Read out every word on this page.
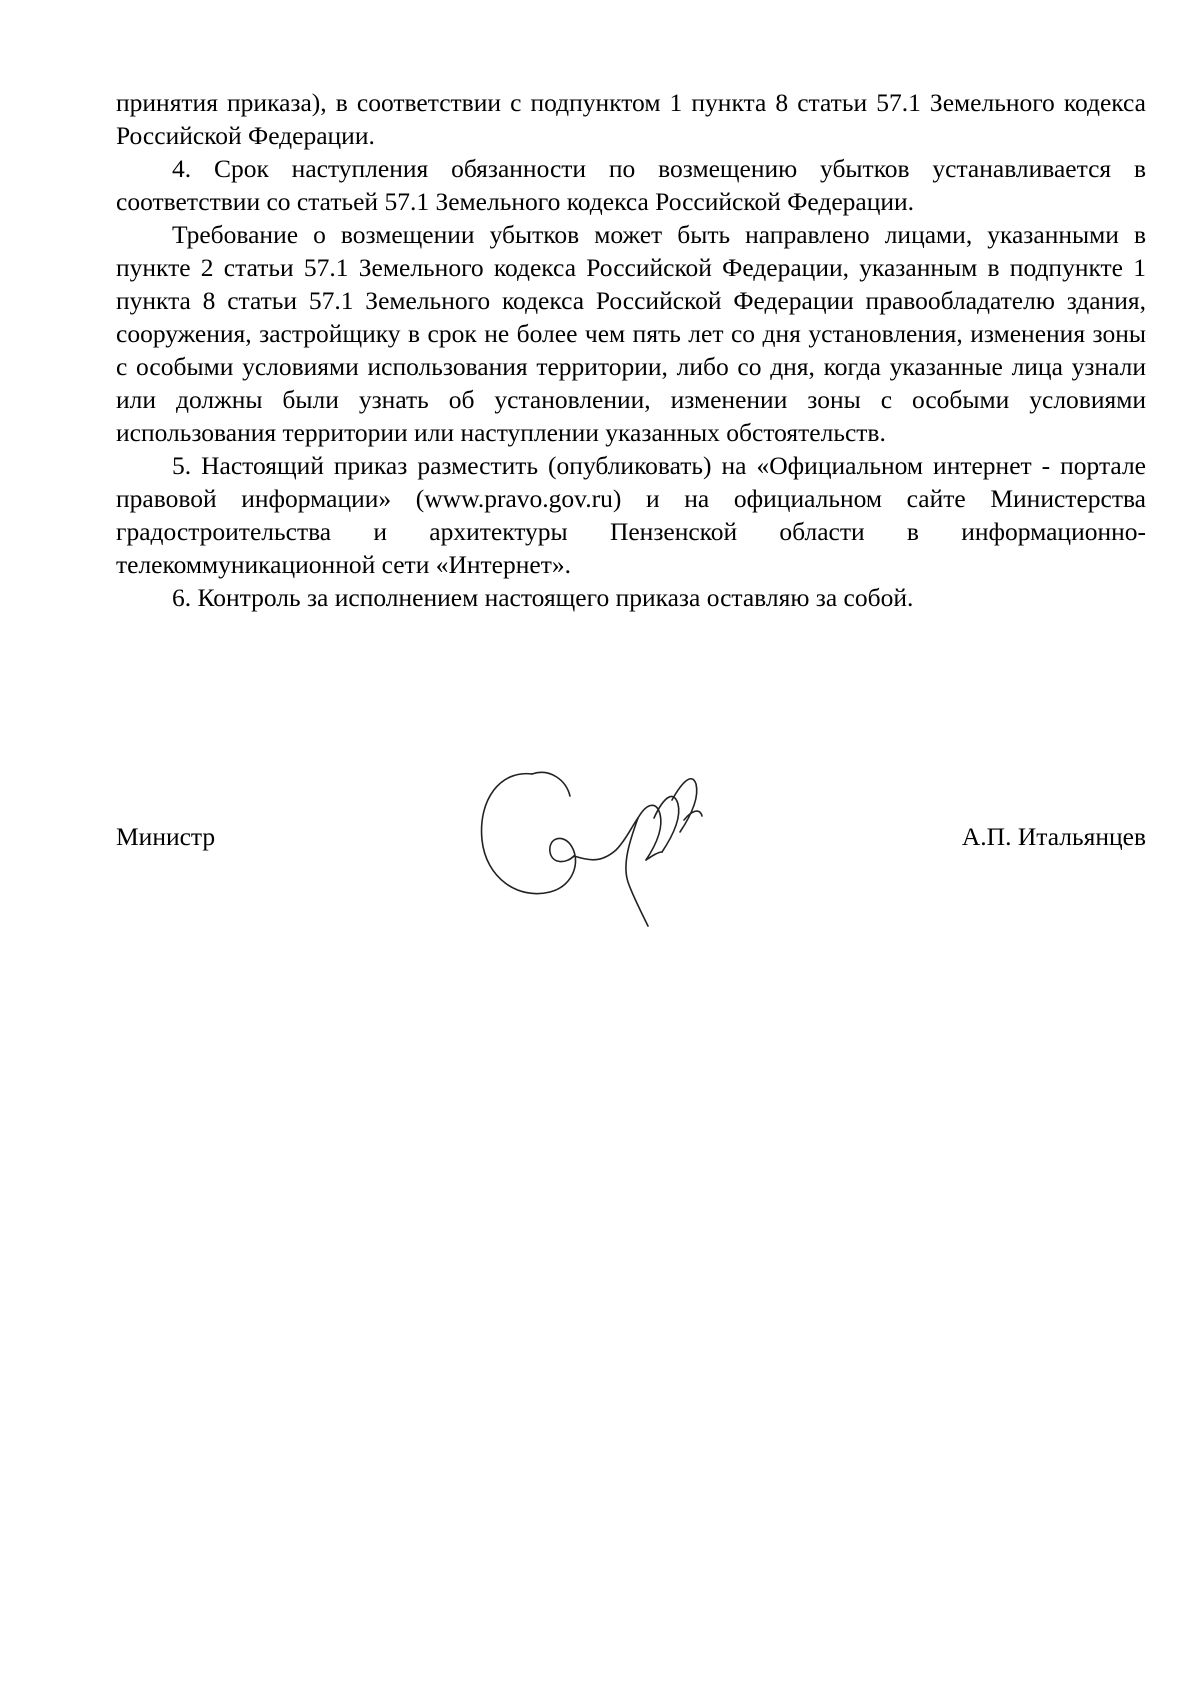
принятия приказа), в соответствии с подпунктом 1 пункта 8 статьи 57.1 Земельного кодекса Российской Федерации.

4. Срок наступления обязанности по возмещению убытков устанавливается в соответствии со статьей 57.1 Земельного кодекса Российской Федерации.

Требование о возмещении убытков может быть направлено лицами, указанными в пункте 2 статьи 57.1 Земельного кодекса Российской Федерации, указанным в подпункте 1 пункта 8 статьи 57.1 Земельного кодекса Российской Федерации правообладателю здания, сооружения, застройщику в срок не более чем пять лет со дня установления, изменения зоны с особыми условиями использования территории, либо со дня, когда указанные лица узнали или должны были узнать об установлении, изменении зоны с особыми условиями использования территории или наступлении указанных обстоятельств.

5. Настоящий приказ разместить (опубликовать) на «Официальном интернет - портале правовой информации» (www.pravo.gov.ru) и на официальном сайте Министерства градостроительства и архитектуры Пензенской области в информационно-телекоммуникационной сети «Интернет».

6. Контроль за исполнением настоящего приказа оставляю за собой.

Министр	А.П. Итальянцев
